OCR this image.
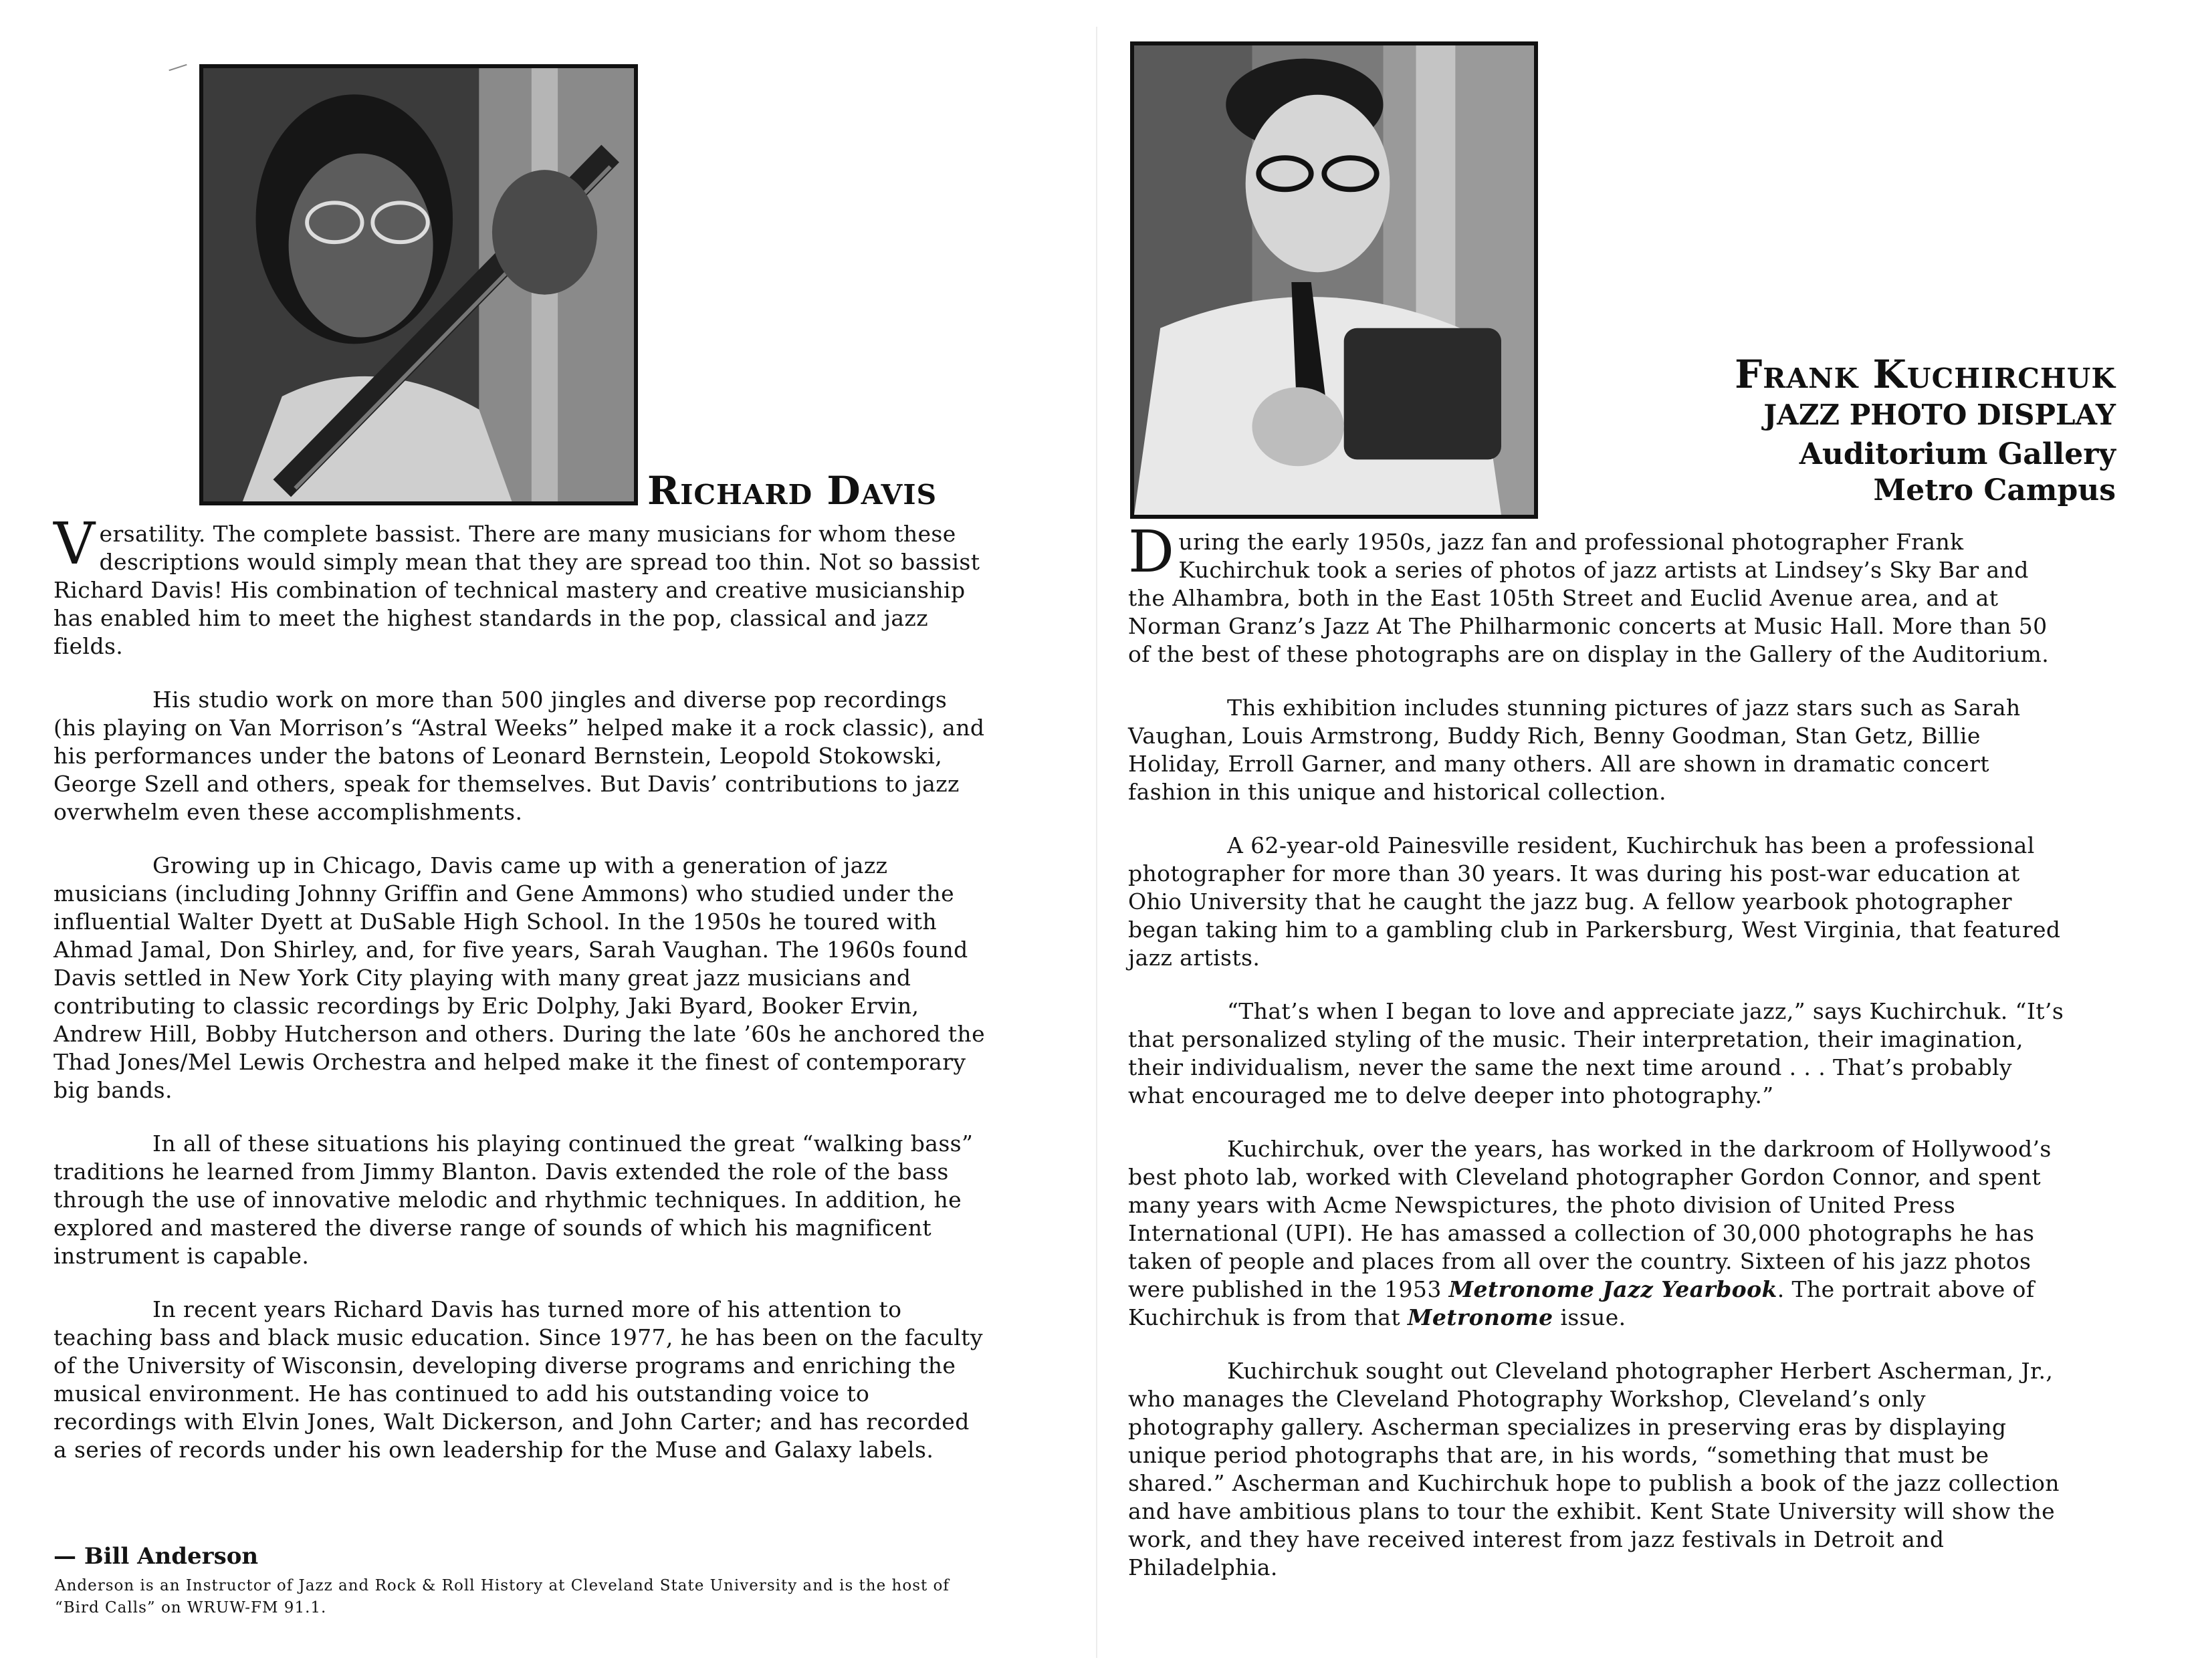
Richard Davis

Versatility. The complete bassist. There are many musicians for whom these descriptions would simply mean that they are spread too thin. Not so bassist Richard Davis! His combination of technical mastery and creative musicianship has enabled him to meet the highest standards in the pop, classical and jazz fields.

His studio work on more than 500 jingles and diverse pop recordings (his playing on Van Morrison’s “Astral Weeks” helped make it a rock classic), and his performances under the batons of Leonard Bernstein, Leopold Stokowski, George Szell and others, speak for themselves. But Davis’ contributions to jazz overwhelm even these accomplishments.

Growing up in Chicago, Davis came up with a generation of jazz musicians (including Johnny Griffin and Gene Ammons) who studied under the influential Walter Dyett at DuSable High School. In the 1950s he toured with Ahmad Jamal, Don Shirley, and, for five years, Sarah Vaughan. The 1960s found Davis settled in New York City playing with many great jazz musicians and contributing to classic recordings by Eric Dolphy, Jaki Byard, Booker Ervin, Andrew Hill, Bobby Hutcherson and others. During the late ’60s he anchored the Thad Jones/Mel Lewis Orchestra and helped make it the finest of contemporary big bands.

In all of these situations his playing continued the great “walking bass” traditions he learned from Jimmy Blanton. Davis extended the role of the bass through the use of innovative melodic and rhythmic techniques. In addition, he explored and mastered the diverse range of sounds of which his magnificent instrument is capable.

In recent years Richard Davis has turned more of his attention to teaching bass and black music education. Since 1977, he has been on the faculty of the University of Wisconsin, developing diverse programs and enriching the musical environment. He has continued to add his outstanding voice to recordings with Elvin Jones, Walt Dickerson, and John Carter; and has recorded a series of records under his own leadership for the Muse and Galaxy labels.

— Bill Anderson
Anderson is an Instructor of Jazz and Rock & Roll History at Cleveland State University and is the host of “Bird Calls” on WRUW-FM 91.1.
Frank Kuchirchuk

JAZZ PHOTO DISPLAY

Auditorium Gallery

Metro Campus

During the early 1950s, jazz fan and professional photographer Frank Kuchirchuk took a series of photos of jazz artists at Lindsey’s Sky Bar and the Alhambra, both in the East 105th Street and Euclid Avenue area, and at Norman Granz’s Jazz At The Philharmonic concerts at Music Hall. More than 50 of the best of these photographs are on display in the Gallery of the Auditorium.

This exhibition includes stunning pictures of jazz stars such as Sarah Vaughan, Louis Armstrong, Buddy Rich, Benny Goodman, Stan Getz, Billie Holiday, Erroll Garner, and many others. All are shown in dramatic concert fashion in this unique and historical collection.

A 62-year-old Painesville resident, Kuchirchuk has been a professional photographer for more than 30 years. It was during his post-war education at Ohio University that he caught the jazz bug. A fellow yearbook photographer began taking him to a gambling club in Parkersburg, West Virginia, that featured jazz artists.

“That’s when I began to love and appreciate jazz,” says Kuchirchuk. “It’s that personalized styling of the music. Their interpretation, their imagination, their individualism, never the same the next time around . . . That’s probably what encouraged me to delve deeper into photography.”

Kuchirchuk, over the years, has worked in the darkroom of Hollywood’s best photo lab, worked with Cleveland photographer Gordon Connor, and spent many years with Acme Newspictures, the photo division of United Press International (UPI). He has amassed a collection of 30,000 photographs he has taken of people and places from all over the country. Sixteen of his jazz photos were published in the 1953 Metronome Jazz Yearbook. The portrait above of Kuchirchuk is from that Metronome issue.

Kuchirchuk sought out Cleveland photographer Herbert Ascherman, Jr., who manages the Cleveland Photography Workshop, Cleveland’s only photography gallery. Ascherman specializes in preserving eras by displaying unique period photographs that are, in his words, “something that must be shared.” Ascherman and Kuchirchuk hope to publish a book of the jazz collection and have ambitious plans to tour the exhibit. Kent State University will show the work, and they have received interest from jazz festivals in Detroit and Philadelphia.
